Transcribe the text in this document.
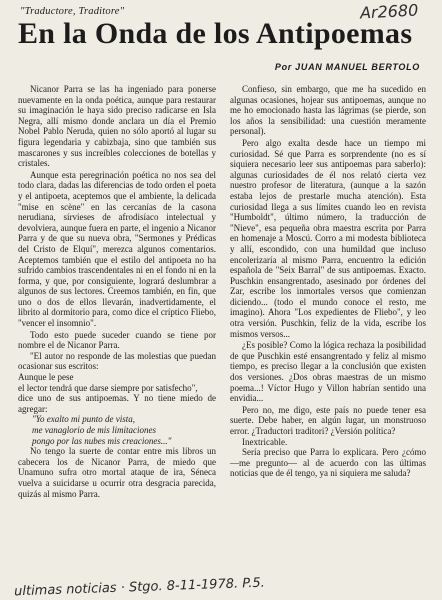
"Traductore, Traditore"	Ar2680
En la Onda de los Antipoemas
Por JUAN MANUEL BERTOLO

Nicanor Parra se las ha ingeniado para ponerse nuevamente en la onda poética, aunque para restaurar su imaginación le haya sido preciso radicarse en Isla Negra, allí mismo donde anclara un día el Premio Nobel Pablo Neruda, quien no sólo aportó al lugar su figura legendaria y cabizbaja, sino que también sus mascarones y sus increíbles colecciones de botellas y cristales.

Aunque esta peregrinación poética no nos sea del todo clara, dadas las diferencias de todo orden el poeta y el antipoeta, aceptemos que el ambiente, la delicada "mise en scène" en las cercanías de la casona nerudiana, sírvieses de afrodisíaco intelectual y devolviera, aunque fuera en parte, el ingenio a Nicanor Parra y de que su nueva obra, "Sermones y Prédicas del Cristo de Elquí", merezca algunos comentarios. Aceptemos también que el estilo del antipoeta no ha sufrido cambios trascendentales ni en el fondo ni en la forma, y que, por consiguiente, logrará deslumbrar a algunos de sus lectores. Creemos también, en fin, que uno o dos de ellos llevarán, inadvertidamente, el librito al dormitorio para, como dice el críptico Fliebo, "vencer el insomnio".

Todo esto puede suceder cuando se tiene por nombre el de Nicanor Parra.

"El autor no responde de las molestias que puedan ocasionar sus escritos:

Aunque le pese

el lector tendrá que darse siempre por satisfecho",

dice uno de sus antipoemas. Y no tiene miedo de agregar:

"Yo exalto mi punto de vista,

me vanaglorio de mis limitaciones

pongo por las nubes mis creaciones..."

No tengo la suerte de contar entre mis libros un cabecera los de Nicanor Parra, de miedo que Unamuno sufra otro mortal ataque de ira, Séneca vuelva a suicidarse u ocurrir otra desgracia parecida, quizás al mismo Parra.

Confieso, sin embargo, que me ha sucedido en algunas ocasiones, hojear sus antipoemas, aunque no me ho emocionado hasta las lágrimas (se pierde, son los años la sensibilidad: una cuestión meramente personal).

Pero algo exalta desde hace un tiempo mi curiosidad. Sé que Parra es sorprendente (no es sí siquiera necesario leer sus antipoemas para saberlo): algunas curiosidades de él nos relató cierta vez nuestro profesor de literatura, (aunque a la sazón estaba lejos de prestarle mucha atención). Esta curiosidad llega a sus límites cuando leo en revista "Humboldt", último número, la traducción de "Nieve", esa pequeña obra maestra escrita por Parra en homenaje a Moscú. Corro a mi modesta biblioteca y allí, escondido, con una humildad que incluso encolerizaría al mismo Parra, encuentro la edición española de "Seix Barral" de sus antipoemas. Exacto. Puschkin ensangrentado, asesinado por órdenes del Zar, escribe los inmortales versos que comienzan diciendo... (todo el mundo conoce el resto, me imagino). Ahora "Los expedientes de Fliebo", y leo otra versión. Puschkin, feliz de la vida, escribe los mismos versos...

¿Es posible? Como la lógica rechaza la posibilidad de que Puschkin esté ensangrentado y feliz al mismo tiempo, es preciso llegar a la conclusión que existen dos versiones. ¿Dos obras maestras de un mismo poema...! Víctor Hugo y Villon habrían sentido una envidia...

Pero no, me digo, este país no puede tener esa suerte. Debe haber, en algún lugar, un monstruoso error. ¿Traductori traditori? ¿Versión política?

Inextricable.

Sería preciso que Parra lo explicara. Pero ¿cómo —me pregunto— al de acuerdo con las últimas noticias que de él tengo, ya ni siquiera me saluda?

ultimas noticias · Stgo. 8-11-1978. P.5.
